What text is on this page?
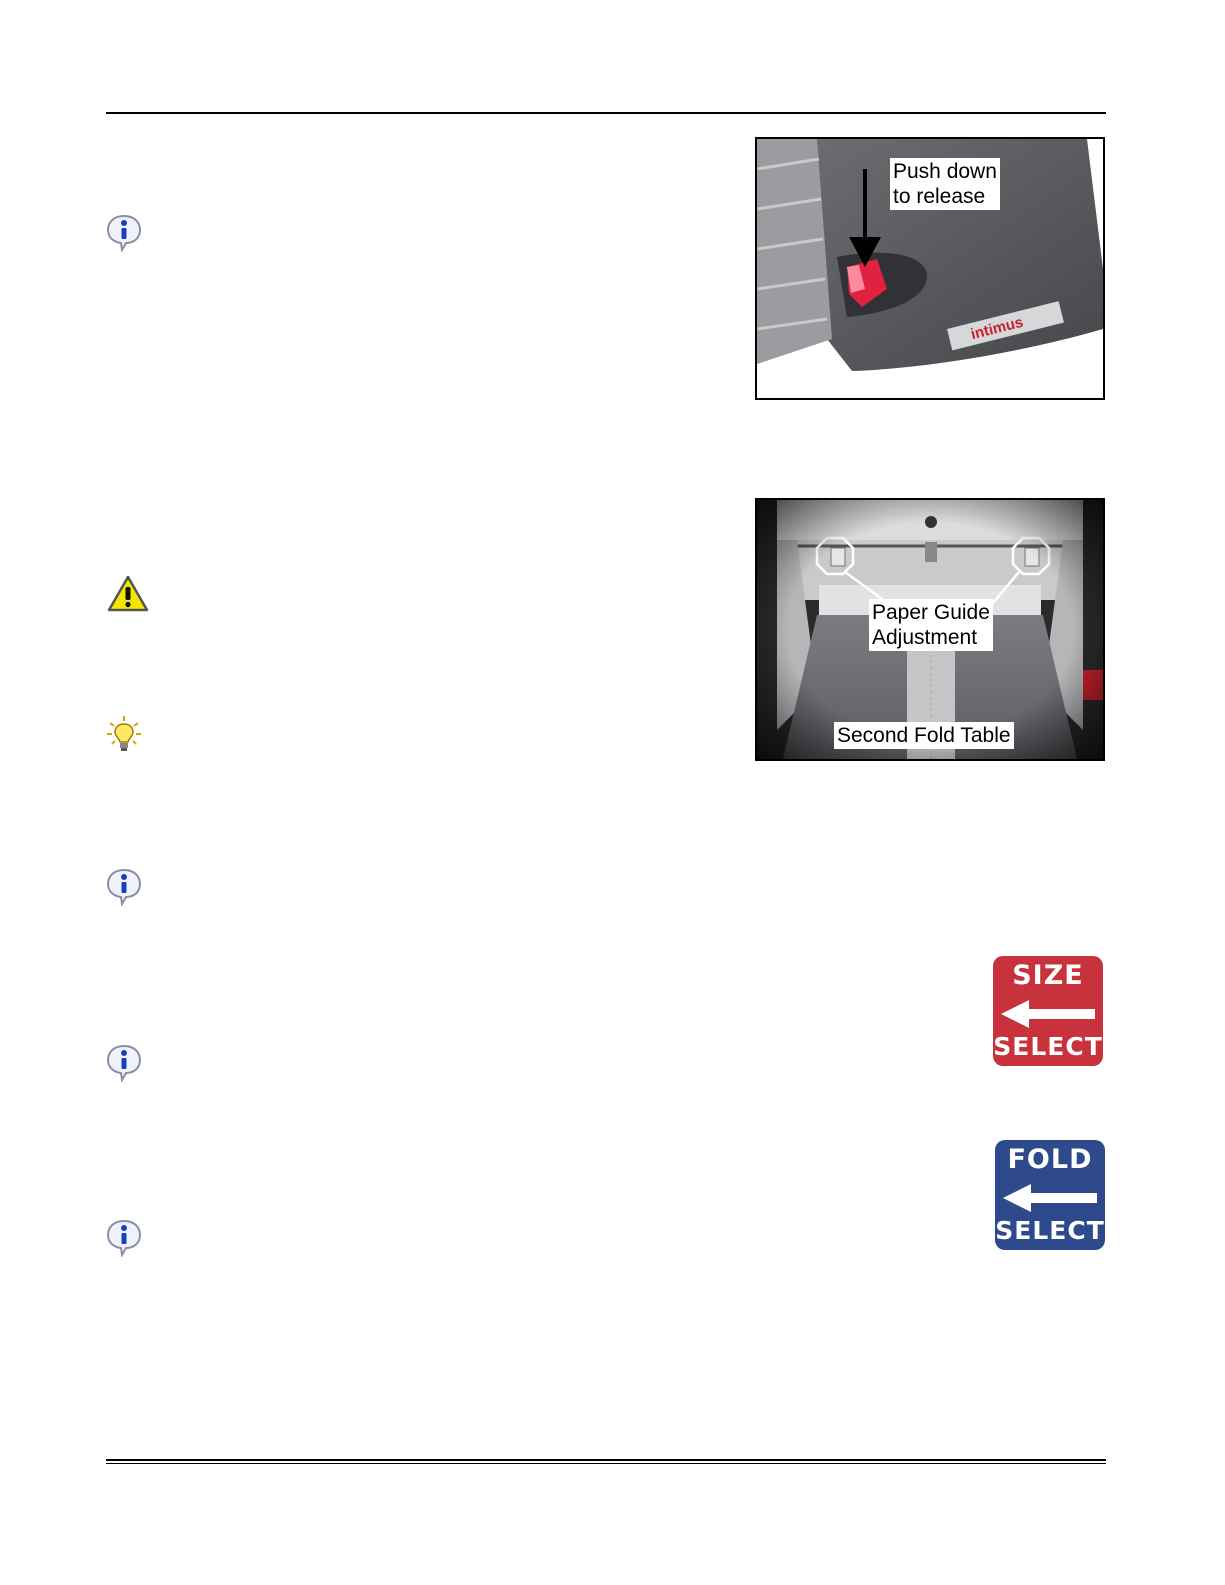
intimus
Push down
to release
Paper Guide
Adjustment
Second Fold Table
SIZE
SELECT
FOLD
SELECT
